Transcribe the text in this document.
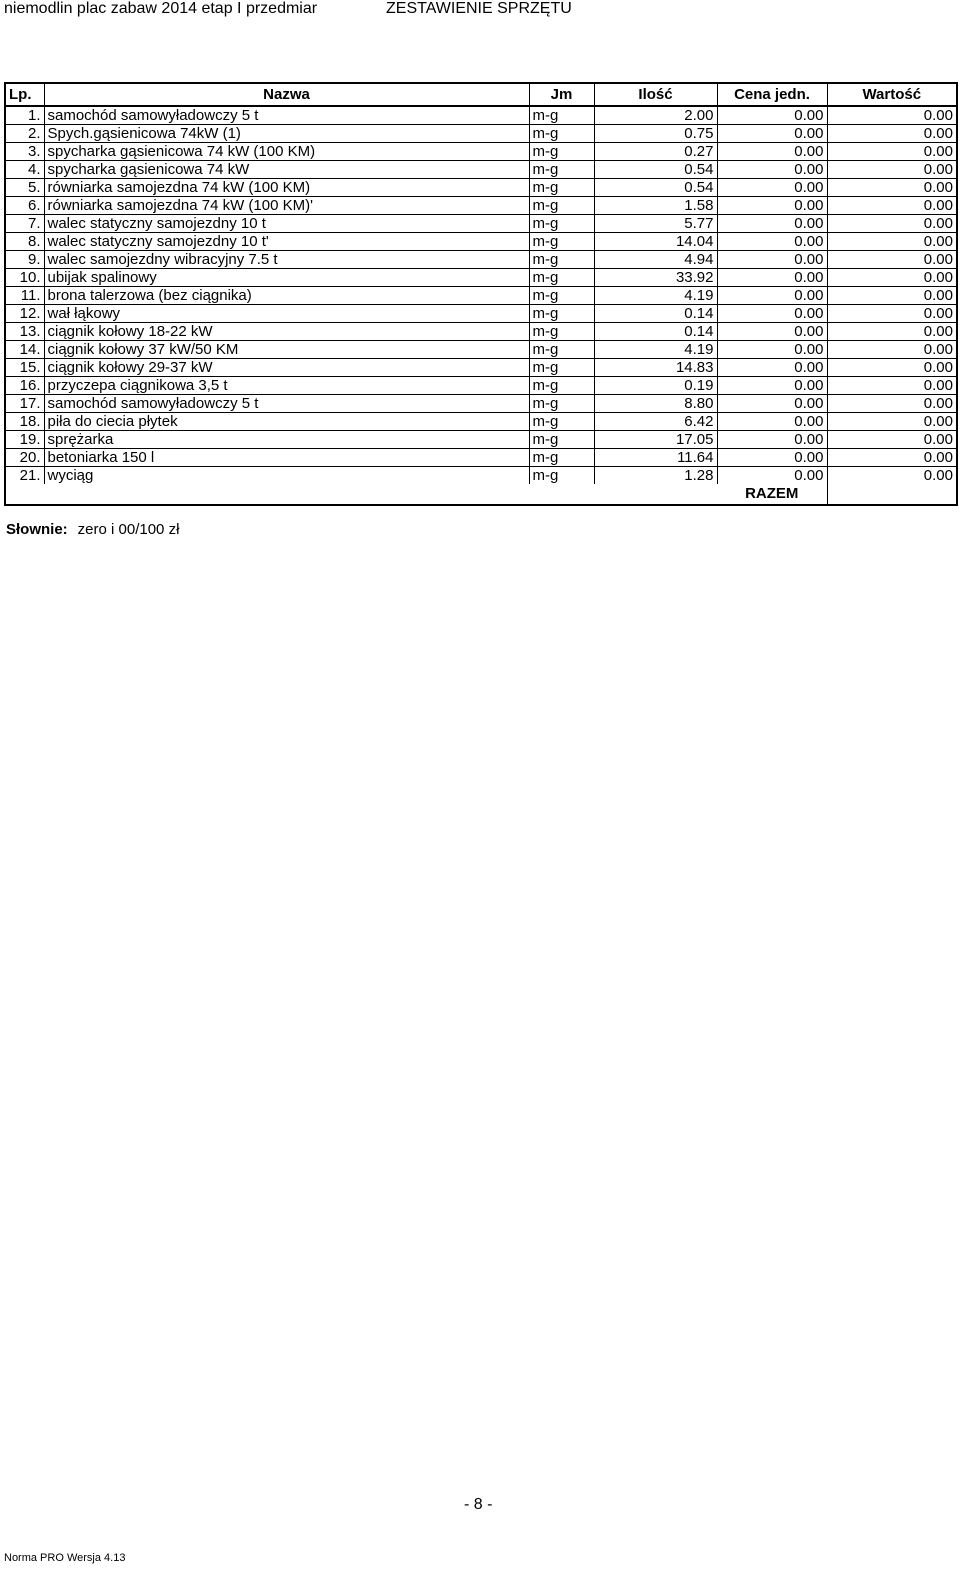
niemodlin plac zabaw 2014 etap I przedmiar	ZESTAWIENIE SPRZĘTU
Lp.	Nazwa	Jm	Ilość	Cena jedn.	Wartość
1.	samochód samowyładowczy 5 t	m-g	2.00	0.00	0.00
2.	Spych.gąsienicowa 74kW (1)	m-g	0.75	0.00	0.00
3.	spycharka gąsienicowa 74 kW (100 KM)	m-g	0.27	0.00	0.00
4.	spycharka gąsienicowa 74 kW	m-g	0.54	0.00	0.00
5.	równiarka samojezdna 74 kW (100 KM)	m-g	0.54	0.00	0.00
6.	równiarka samojezdna 74 kW (100 KM)'	m-g	1.58	0.00	0.00
7.	walec statyczny samojezdny 10 t	m-g	5.77	0.00	0.00
8.	walec statyczny samojezdny 10 t'	m-g	14.04	0.00	0.00
9.	walec samojezdny wibracyjny 7.5 t	m-g	4.94	0.00	0.00
10.	ubijak spalinowy	m-g	33.92	0.00	0.00
11.	brona talerzowa (bez ciągnika)	m-g	4.19	0.00	0.00
12.	wał łąkowy	m-g	0.14	0.00	0.00
13.	ciągnik kołowy 18-22 kW	m-g	0.14	0.00	0.00
14.	ciągnik kołowy 37 kW/50 KM	m-g	4.19	0.00	0.00
15.	ciągnik kołowy 29-37 kW	m-g	14.83	0.00	0.00
16.	przyczepa ciągnikowa 3,5 t	m-g	0.19	0.00	0.00
17.	samochód samowyładowczy 5 t	m-g	8.80	0.00	0.00
18.	piła do ciecia płytek	m-g	6.42	0.00	0.00
19.	sprężarka	m-g	17.05	0.00	0.00
20.	betoniarka 150 l	m-g	11.64	0.00	0.00
21.	wyciąg	m-g	1.28	0.00	0.00
				RAZEM	
Słownie: zero i 00/100 zł
- 8 -
Norma PRO Wersja 4.13
